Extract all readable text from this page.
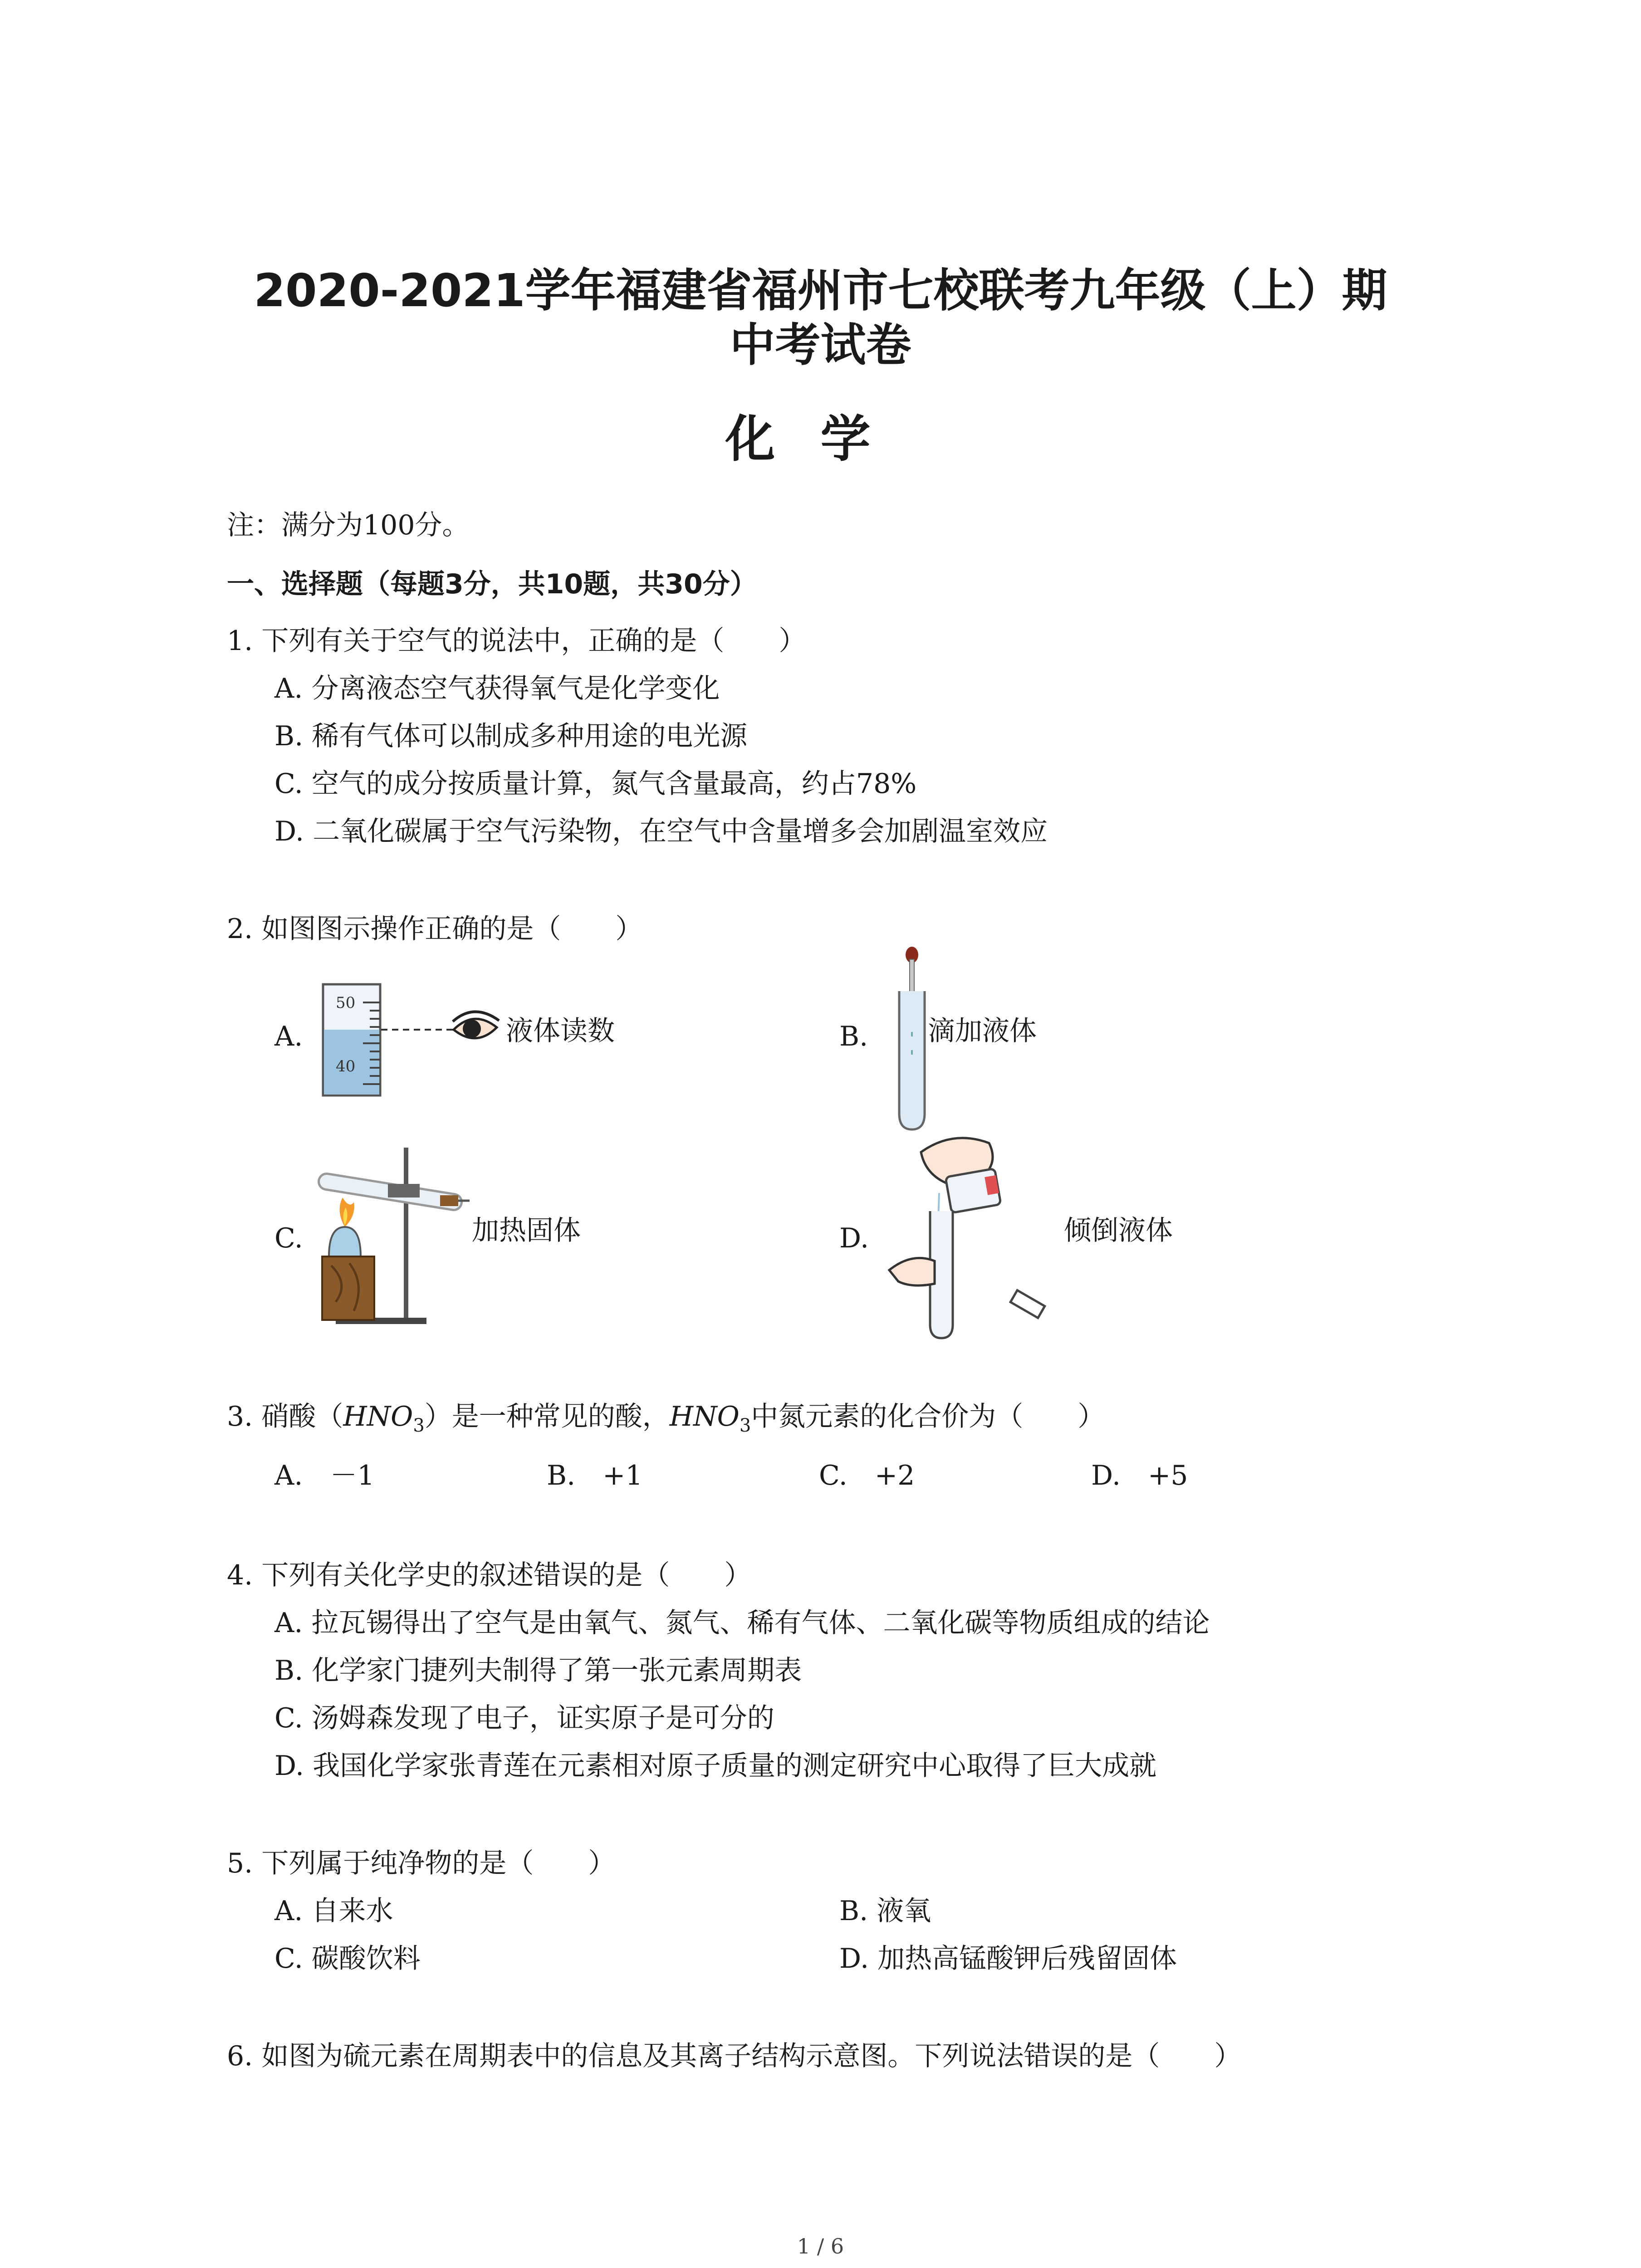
2020-2021学年福建省福州市七校联考九年级（上）期
中考试卷
化学
注：满分为100分。
一、选择题（每题3分，共10题，共30分）
1. 下列有关于空气的说法中，正确的是（　　）
A. 分离液态空气获得氧气是化学变化
B. 稀有气体可以制成多种用途的电光源
C. 空气的成分按质量计算，氮气含量最高，约占78%
D. 二氧化碳属于空气污染物，在空气中含量增多会加剧温室效应
2. 如图图示操作正确的是（　　）
A.
50
40
液体读数	B. 滴加液体
C.	加热固体	D.	倾倒液体
3. 硝酸$(HNO_3)$是一种常见的酸，$HNO_3$中氮元素的化合价为（　　）
A.　－1	B.　+1	C.　+2	D.　+5
4. 下列有关化学史的叙述错误的是（　　）
A. 拉瓦锡得出了空气是由氧气、氮气、稀有气体、二氧化碳等物质组成的结论
B. 化学家门捷列夫制得了第一张元素周期表
C. 汤姆森发现了电子，证实原子是可分的
D. 我国化学家张青莲在元素相对原子质量的测定研究中心取得了巨大成就
5. 下列属于纯净物的是（　　）
A. 自来水	B. 液氧
C. 碳酸饮料	D. 加热高锰酸钾后残留固体
6. 如图为硫元素在周期表中的信息及其离子结构示意图。下列说法错误的是（　　）
1 / 6
